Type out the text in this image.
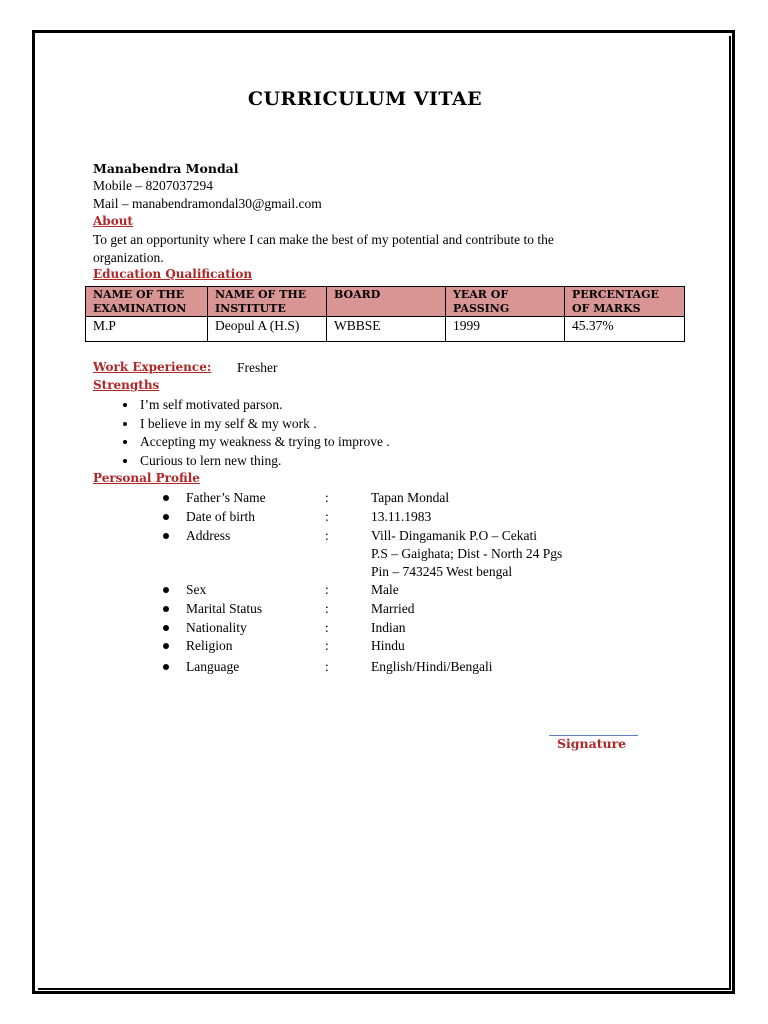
CURRICULUM VITAE
Manabendra Mondal
Mobile – 8207037294
Mail – manabendramondal30@gmail.com
About
To get an opportunity where I can make the best of my potential and contribute to the
organization.
Education Qualification
NAME OF THE EXAMINATION	NAME OF THE INSTITUTE	BOARD	YEAR OF PASSING	PERCENTAGE OF MARKS
M.P	Deopul A (H.S)	WBBSE	1999	45.37%
Work Experience: Fresher
Strengths
• I’m self motivated parson.
• I believe in my self & my work .
• Accepting my weakness & trying to improve .
• Curious to lern new thing.
Personal Profile
Father’s Name	:	Tapan Mondal
Date of birth	:	13.11.1983
Address	:	Vill- Dingamanik P.O – Cekati
P.S – Gaighata; Dist - North 24 Pgs
Pin – 743245 West bengal
Sex	:	Male
Marital Status	:	Married
Nationality	:	Indian
Religion	:	Hindu
Language	:	English/Hindi/Bengali
Signature
